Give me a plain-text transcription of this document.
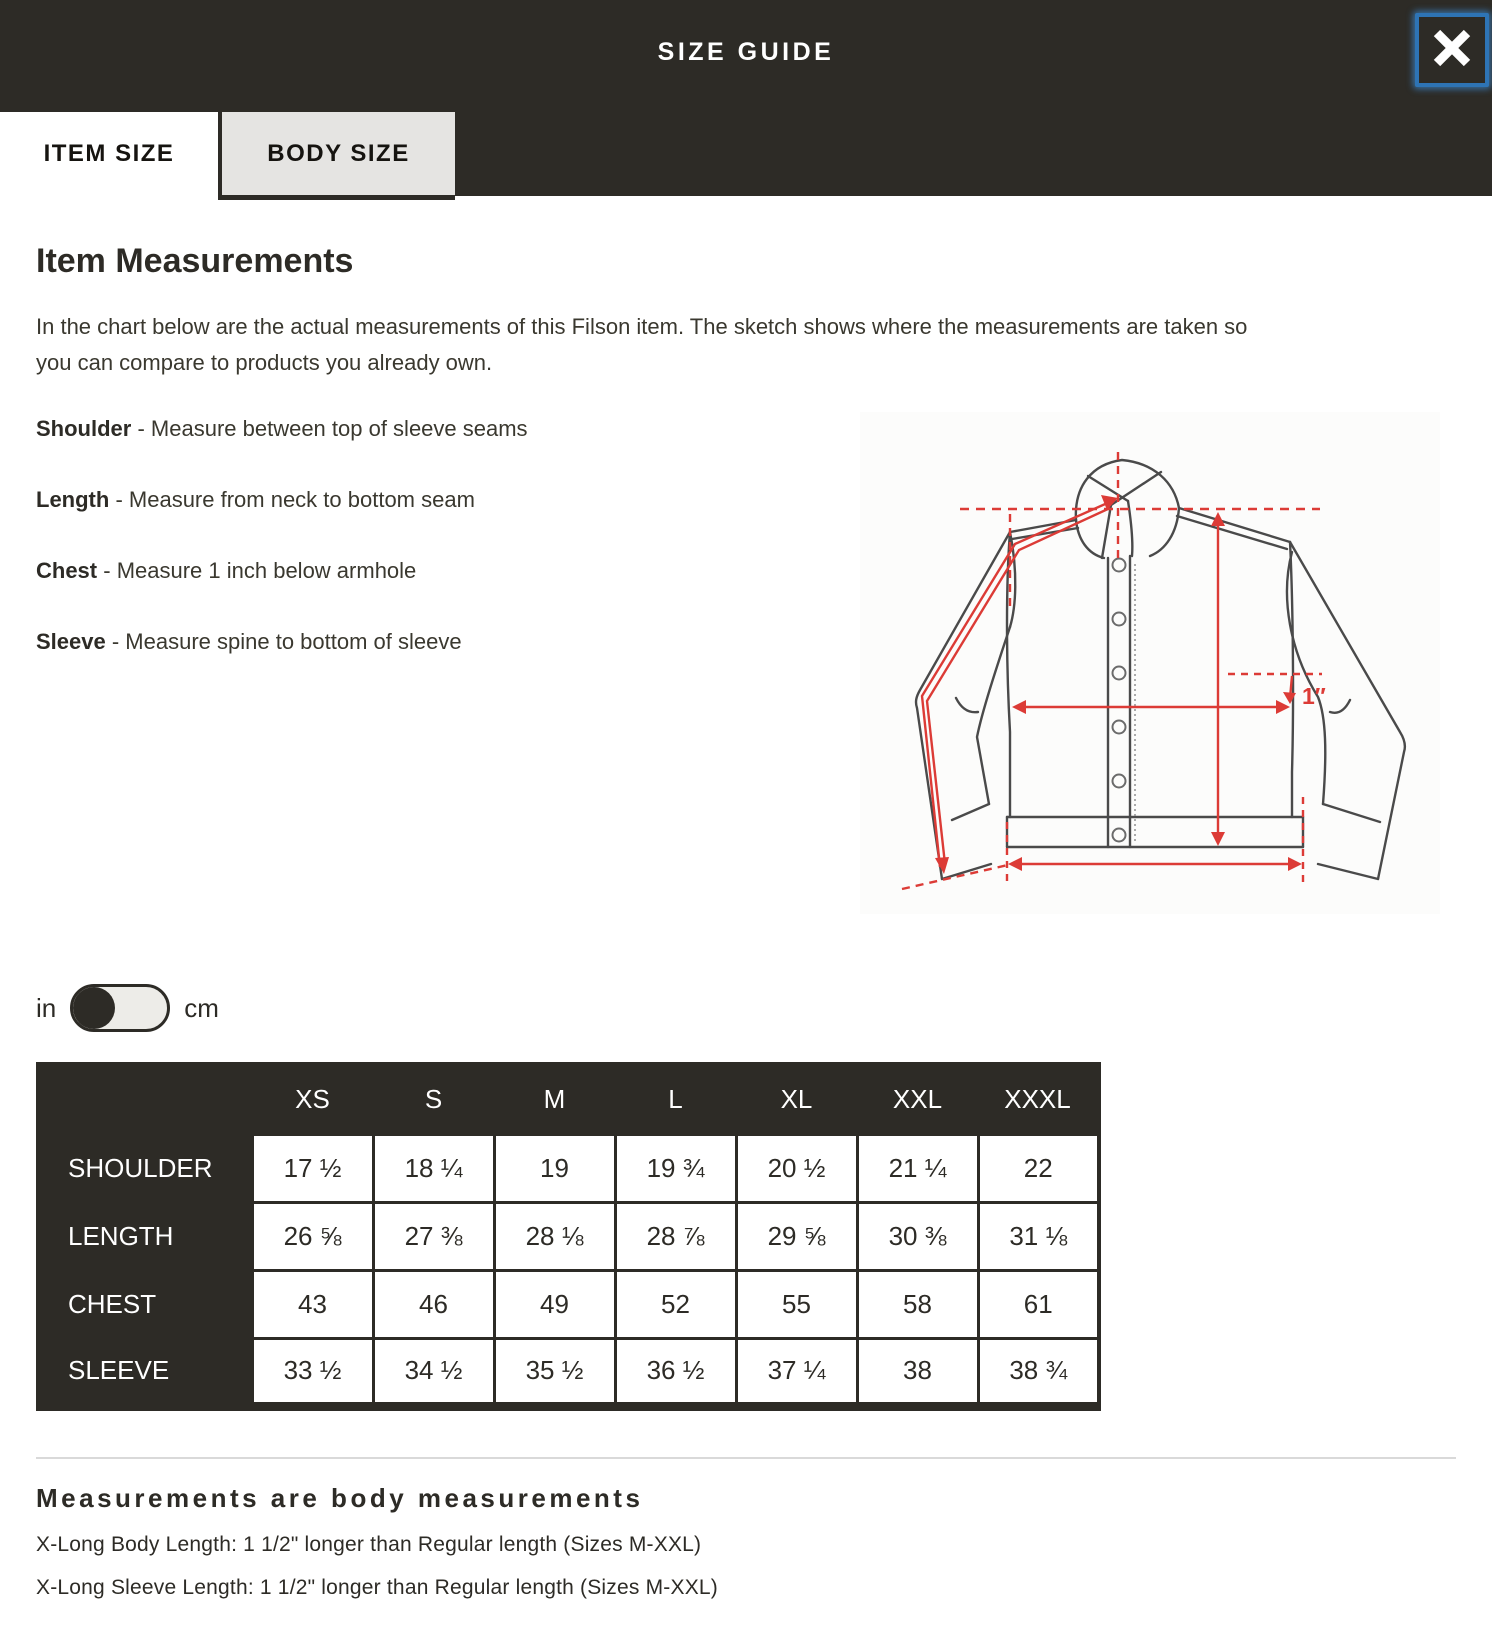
SIZE GUIDE
ITEM SIZE	BODY SIZE
Item Measurements

In the chart below are the actual measurements of this Filson item. The sketch shows where the measurements are taken so you can compare to products you already own.

Shoulder - Measure between top of sleeve seams
Length - Measure from neck to bottom seam
Chest - Measure 1 inch below armhole
Sleeve - Measure spine to bottom of sleeve
1″
in	cm
	XS	S	M	L	XL	XXL	XXXL
SHOULDER	17 ½	18 ¼	19	19 ¾	20 ½	21 ¼	22
LENGTH	26 ⅝	27 ⅜	28 ⅛	28 ⅞	29 ⅝	30 ⅜	31 ⅛
CHEST	43	46	49	52	55	58	61
SLEEVE	33 ½	34 ½	35 ½	36 ½	37 ¼	38	38 ¾
Measurements are body measurements
X-Long Body Length: 1 1/2" longer than Regular length (Sizes M-XXL)
X-Long Sleeve Length: 1 1/2" longer than Regular length (Sizes M-XXL)
